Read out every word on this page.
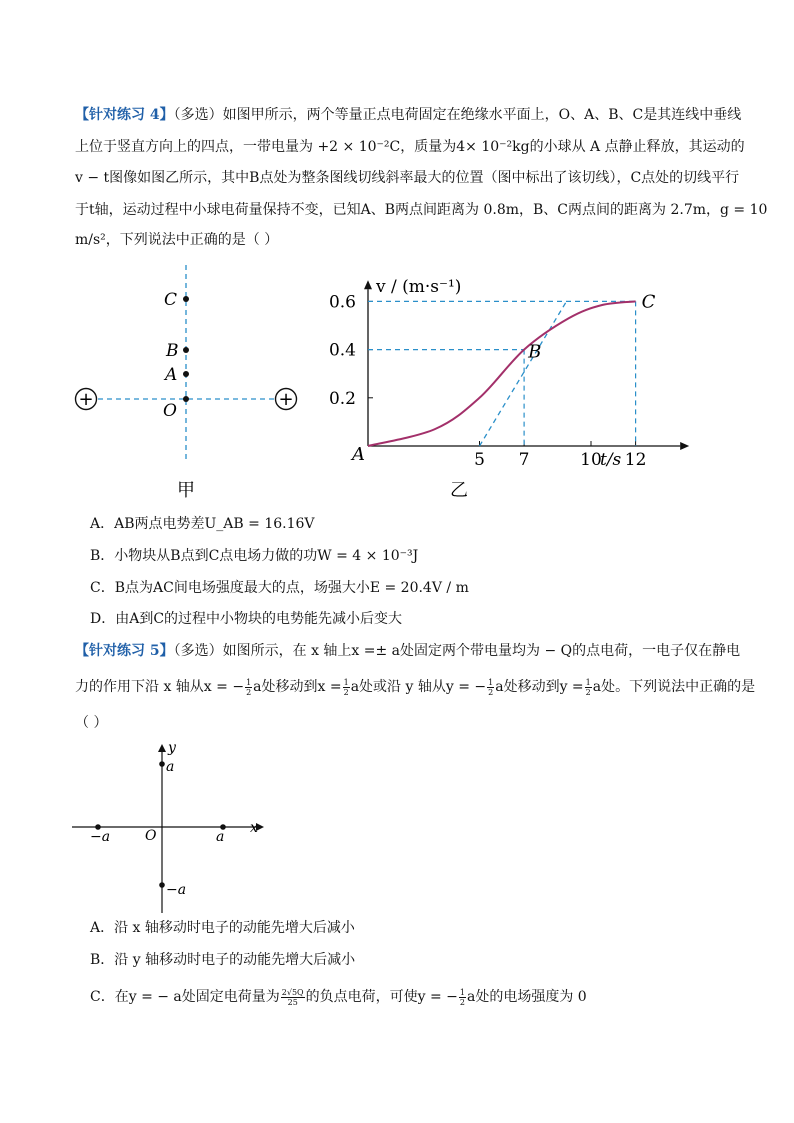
【针对练习 4】（多选）如图甲所示，两个等量正点电荷固定在绝缘水平面上，O、A、B、C是其连线中垂线
上位于竖直方向上的四点，一带电量为 +2 × 10⁻²C，质量为4× 10⁻²kg的小球从 A 点静止释放，其运动的
v − t图像如图乙所示，其中B点处为整条图线切线斜率最大的位置（图中标出了该切线），C点处的切线平行
于t轴，运动过程中小球电荷量保持不变，已知A、B两点间距离为 0.8m，B、C两点间的距离为 2.7m，g = 10
m/s²，下列说法中正确的是（ ）
+	+
C
B
A
O
甲
0.2
0.4
0.6
5 7	10 12
A
B
C
v / (m·s⁻¹)
t/s
乙
A．AB两点电势差U_AB = 16.16V
B．小物块从B点到C点电场力做的功W = 4 × 10⁻³J
C．B点为AC间电场强度最大的点，场强大小E = 20.4V / m
D．由A到C的过程中小物块的电势能先减小后变大
【针对练习 5】（多选）如图所示，在 x 轴上x =± a处固定两个带电量均为 − Q的点电荷，一电子仅在静电
力的作用下沿 x 轴从x = − $\frac{1}{2}$ a处移动到$x = \frac{1}{2}$ a处或沿 y 轴从y = − $\frac{1}{2}$ a处移动到$y = \frac{1}{2}$ a处。下列说法中正确的是
（ ）
y
a
x
a
−a O
−a
A．沿 x 轴移动时电子的动能先增大后减小
B．沿 y 轴移动时电子的动能先增大后减小
C．在y = − a处固定电荷量为 $\frac{2√5Q}{25}$ 的负点电荷，可使y = − $\frac{1}{2}$ a处的电场强度为 0
